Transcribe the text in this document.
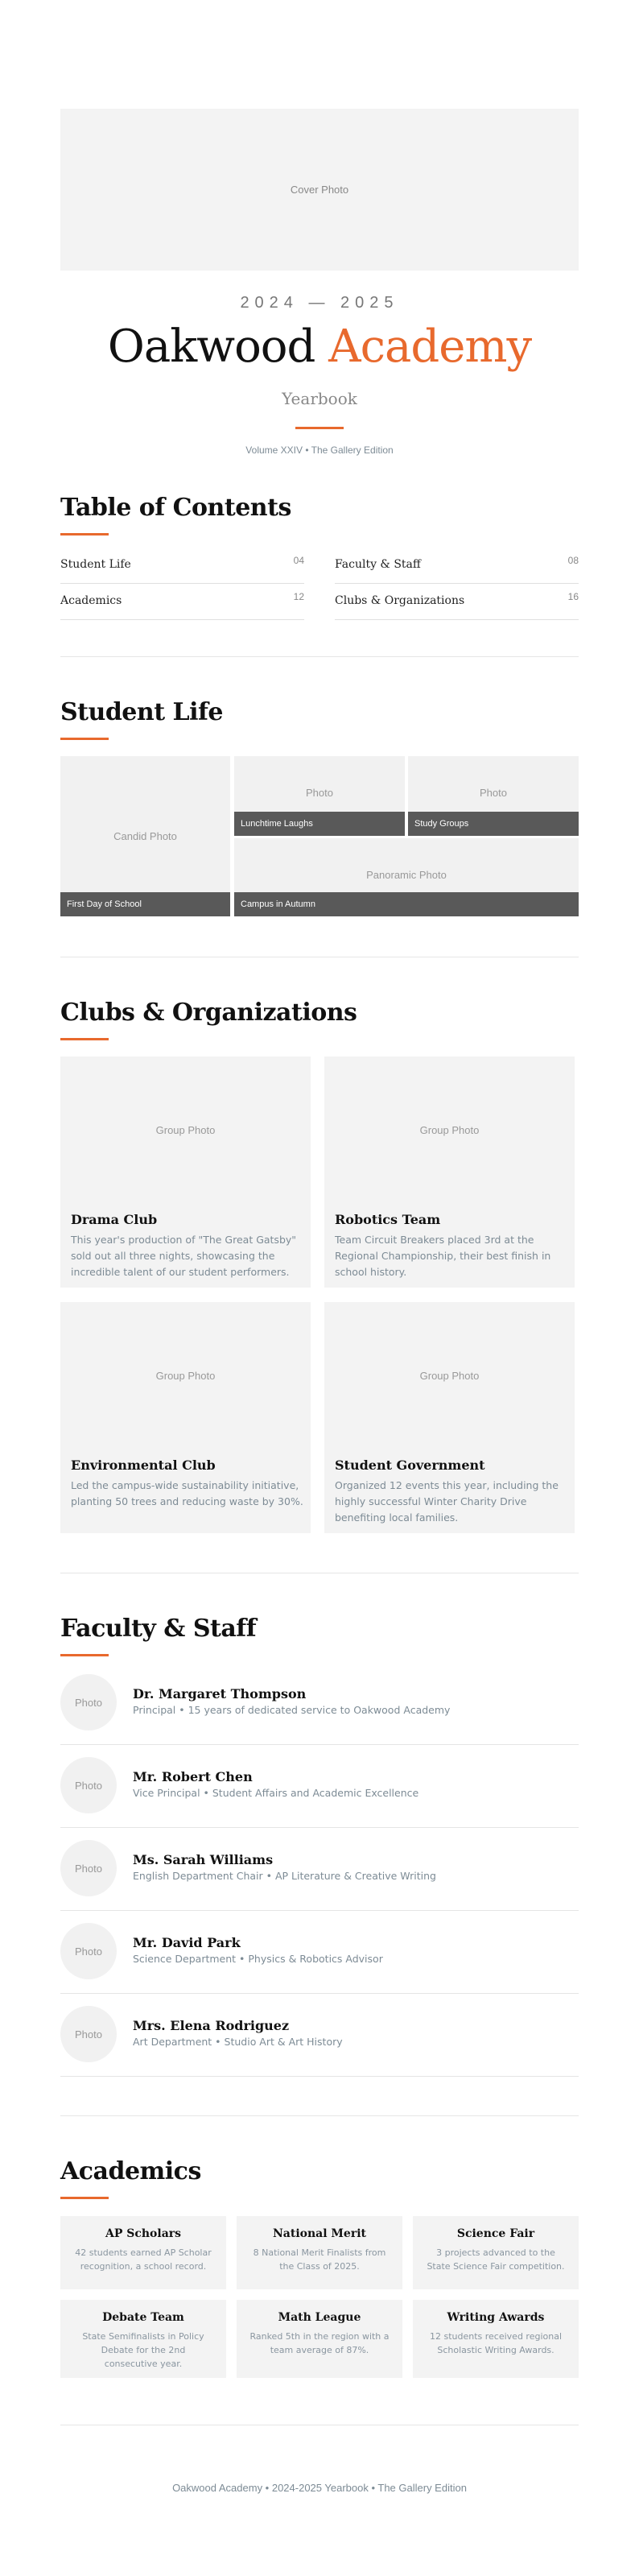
Cover Photo
2024 — 2025
Oakwood Academy
Yearbook
Volume XXIV • The Gallery Edition
Table of Contents
Student Life	04	Faculty & Staff	08
Academics	12	Clubs & Organizations	16
Student Life
Candid Photo
First Day of School
Photo
Lunchtime Laughs
Photo
Study Groups
Panoramic Photo
Campus in Autumn
Clubs & Organizations
Group Photo
Drama Club
This year's production of "The Great Gatsby" sold out all three nights, showcasing the incredible talent of our student performers.
Group Photo
Robotics Team
Team Circuit Breakers placed 3rd at the Regional Championship, their best finish in school history.
Group Photo
Environmental Club
Led the campus-wide sustainability initiative, planting 50 trees and reducing waste by 30%.
Group Photo
Student Government
Organized 12 events this year, including the highly successful Winter Charity Drive benefiting local families.
Faculty & Staff
Photo
Dr. Margaret Thompson
Principal • 15 years of dedicated service to Oakwood Academy
Photo
Mr. Robert Chen
Vice Principal • Student Affairs and Academic Excellence
Photo
Ms. Sarah Williams
English Department Chair • AP Literature & Creative Writing
Photo
Mr. David Park
Science Department • Physics & Robotics Advisor
Photo
Mrs. Elena Rodriguez
Art Department • Studio Art & Art History
Academics
AP Scholars
42 students earned AP Scholar recognition, a school record.
National Merit
8 National Merit Finalists from the Class of 2025.
Science Fair
3 projects advanced to the State Science Fair competition.
Debate Team
State Semifinalists in Policy Debate for the 2nd consecutive year.
Math League
Ranked 5th in the region with a team average of 87%.
Writing Awards
12 students received regional Scholastic Writing Awards.
Oakwood Academy • 2024-2025 Yearbook • The Gallery Edition
